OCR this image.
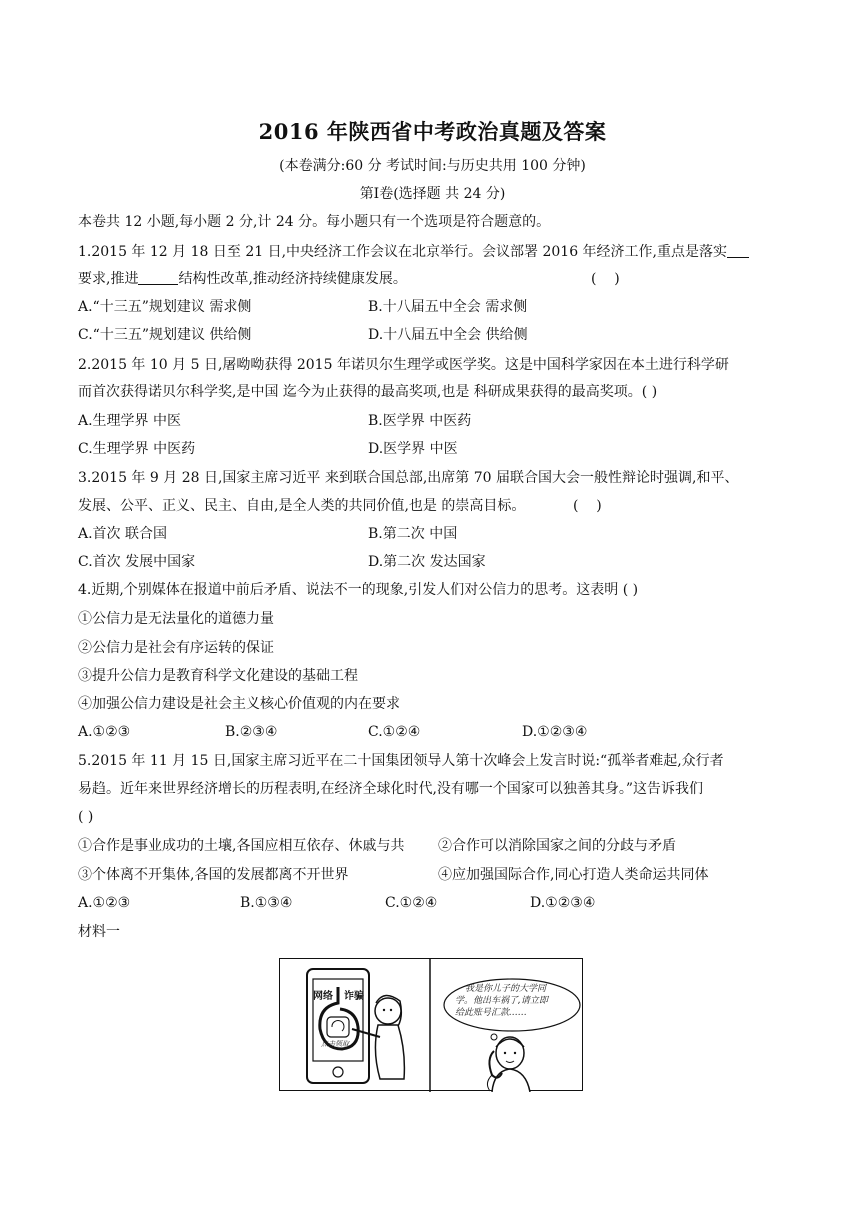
2016 年陕西省中考政治真题及答案
(本卷满分:60 分 考试时间:与历史共用 100 分钟)
第Ⅰ卷(选择题 共 24 分)
本卷共 12 小题,每小题 2 分,计 24 分。每小题只有一个选项是符合题意的。
1.2015 年 12 月 18 日至 21 日,中央经济工作会议在北京举行。会议部署 2016 年经济工作,重点是落实
要求,推进	结构性改革,推动经济持续健康发展。	(    )
A.“十三五”规划建议 需求侧	B.十八届五中全会 需求侧
C.“十三五”规划建议 供给侧	D.十八届五中全会 供给侧
2.2015 年 10 月 5 日,屠呦呦获得 2015 年诺贝尔生理学或医学奖。这是中国科学家因在本土进行科学研
而首次获得诺贝尔科学奖,是中国 迄今为止获得的最高奖项,也是 科研成果获得的最高奖项。( )
A.生理学界 中医	B.医学界 中医药
C.生理学界 中医药	D.医学界 中医
3.2015 年 9 月 28 日,国家主席习近平 来到联合国总部,出席第 70 届联合国大会一般性辩论时强调,和平、
发展、公平、正义、民主、自由,是全人类的共同价值,也是 的崇高目标。	(    )
A.首次 联合国	B.第二次 中国
C.首次 发展中国家	D.第二次 发达国家
4.近期,个别媒体在报道中前后矛盾、说法不一的现象,引发人们对公信力的思考。这表明 ( )
①公信力是无法量化的道德力量
②公信力是社会有序运转的保证
③提升公信力是教育科学文化建设的基础工程
④加强公信力建设是社会主义核心价值观的内在要求
A.①②③	B.②③④	C.①②④	D.①②③④
5.2015 年 11 月 15 日,国家主席习近平在二十国集团领导人第十次峰会上发言时说:“孤举者难起,众行者
易趋。近年来世界经济增长的历程表明,在经济全球化时代,没有哪一个国家可以独善其身。”这告诉我们
( )
①合作是事业成功的土壤,各国应相互依存、休戚与共 ②合作可以消除国家之间的分歧与矛盾
③个体离不开集体,各国的发展都离不开世界	④应加强国际合作,同心打造人类命运共同体
A.①②③	B.①③④	C.①②④	D.①②③④
材料一
网络 诈骗
点击领取
我是你儿子的大学同
学。他出车祸了,请立即
给此账号汇款……
